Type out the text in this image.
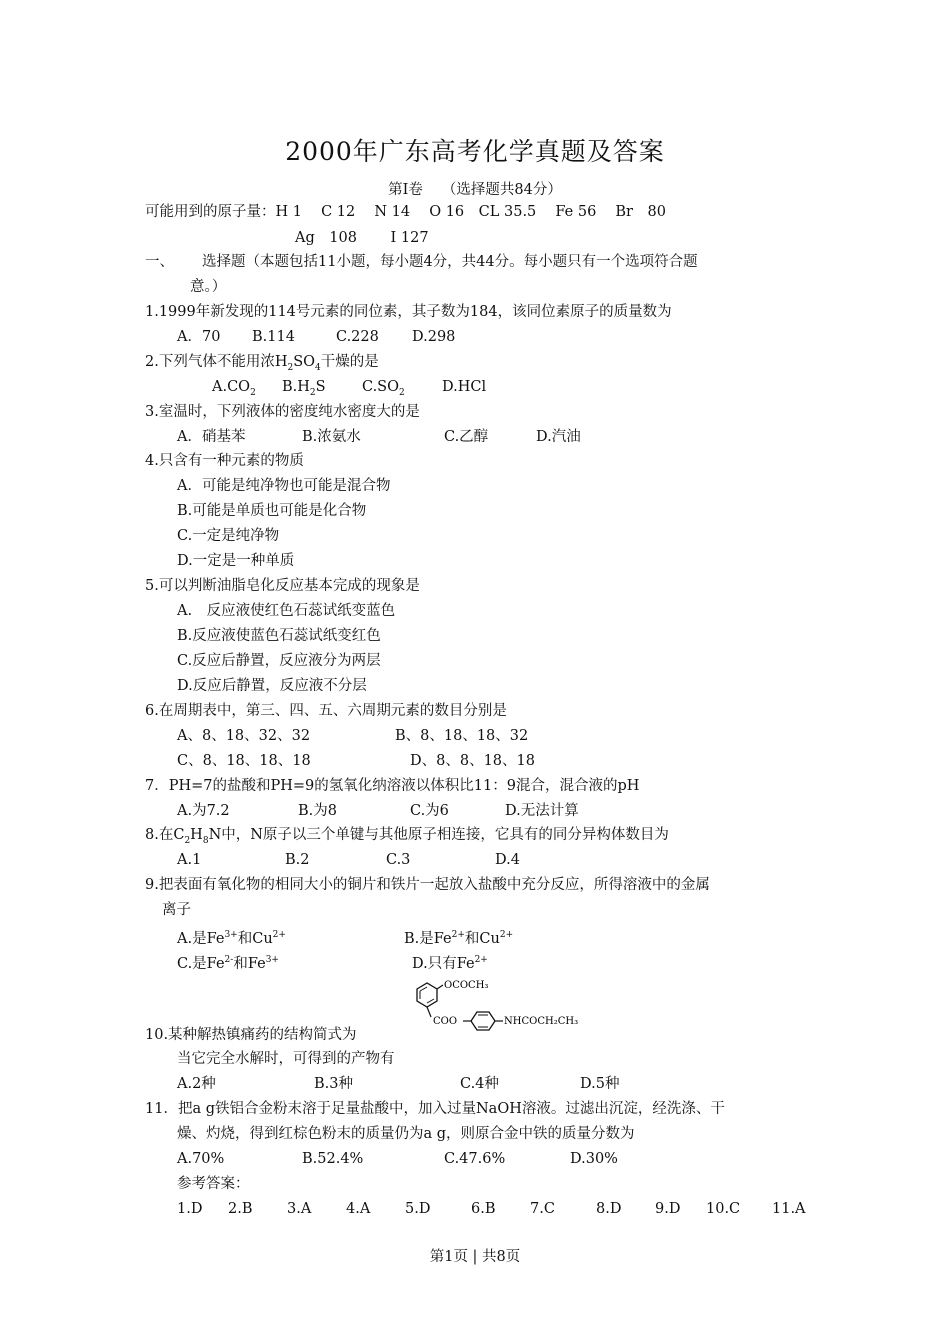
2000年广东高考化学真题及答案
第I卷　 （选择题共84分）
可能用到的原子量：H 1　 C 12　 N 14　 O 16　CL 35.5　 Fe 56　 Br　80
Ag　108　　 I 127
一、 选择题（本题包括11小题，每小题4分，共44分。每小题只有一个选项符合题
意。）
1.1999年新发现的114号元素的同位素，其子数为184，该同位素原子的质量数为
A．70 B.114	C.228 D.298
2.下列气体不能用浓$H_2SO_4$干燥的是
$A.CO_2$ $B.H_2S$	$C.SO_2$	D.HCl
3.室温时，下列液体的密度纯水密度大的是
A．硝基苯	B.浓氨水	C.乙醇	D.汽油
4.只含有一种元素的物质
A．可能是纯净物也可能是混合物
B.可能是单质也可能是化合物
C.一定是纯净物
D.一定是一种单质
5.可以判断油脂皂化反应基本完成的现象是
A.　反应液使红色石蕊试纸变蓝色
B.反应液使蓝色石蕊试纸变红色
C.反应后静置，反应液分为两层
D.反应后静置，反应液不分层
6.在周期表中，第三、四、五、六周期元素的数目分别是
A、8、18、32、32	B、8、18、18、32
C、8、18、18、18	D、8、8、18、18
7．PH=7的盐酸和PH=9的氢氧化纳溶液以体积比11：9混合，混合液的pH
A.为7.2	B.为8	C.为6	D.无法计算
8.在$C_2H_8N$中，N原子以三个单键与其他原子相连接，它具有的同分异构体数目为
A.1	B.2	C.3	D.4
9.把表面有氧化物的相同大小的铜片和铁片一起放入盐酸中充分反应，所得溶液中的金属
离子
A.是$Fe^{3+}$和$Cu^{2+}$	B.是$Fe^{2+}$和$Cu^{2+}$
C.是$Fe^{2-}$和$Fe^{3+}$	D.只有$Fe^{2+}$
OCOCH₃
COO	NHCOCH₂CH₃
10.某种解热镇痛药的结构简式为
当它完全水解时，可得到的产物有
A.2种	B.3种	C.4种	D.5种
11．把a g铁铝合金粉末溶于足量盐酸中，加入过量NaOH溶液。过滤出沉淀，经洗涤、干
燥、灼烧，得到红棕色粉末的质量仍为a g，则原合金中铁的质量分数为
A.70%	B.52.4%	C.47.6%	D.30%
参考答案：
1.D 2.B 3.A 4.A 5.D	6.B 7.C	8.D 9.D 10.C 11.A
第1页 | 共8页
